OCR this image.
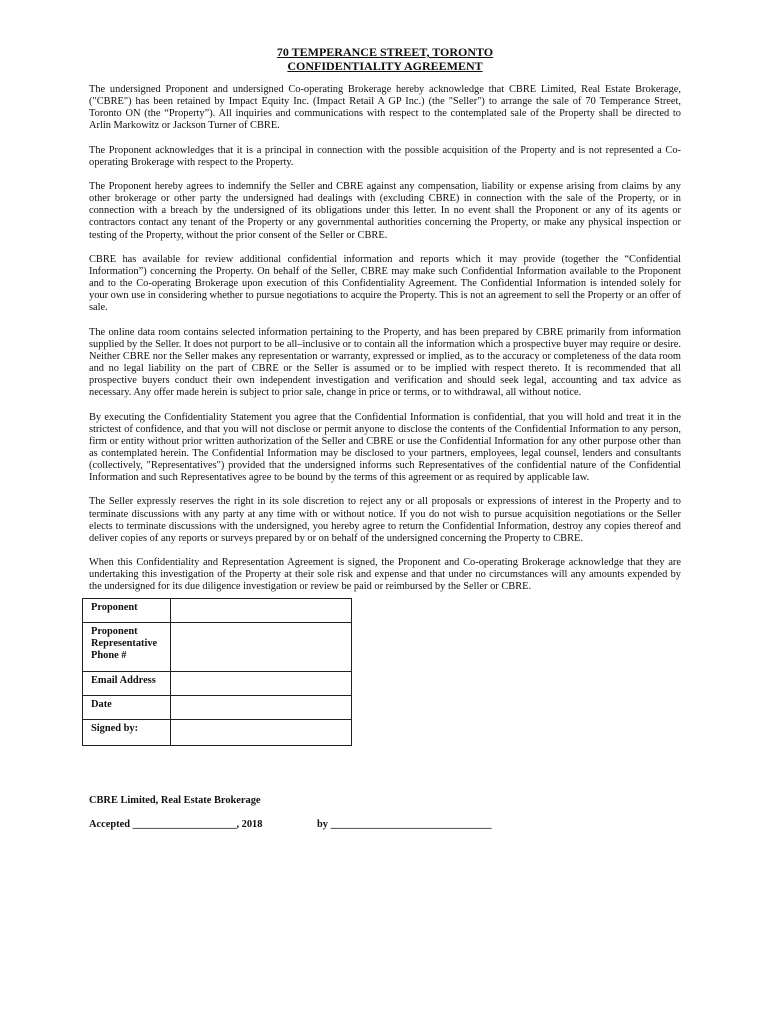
70 TEMPERANCE STREET, TORONTO
CONFIDENTIALITY AGREEMENT

The undersigned Proponent and undersigned Co-operating Brokerage hereby acknowledge that CBRE Limited, Real Estate Brokerage, ("CBRE") has been retained by Impact Equity Inc. (Impact Retail A GP Inc.) (the "Seller") to arrange the sale of 70 Temperance Street, Toronto ON (the “Property”). All inquiries and communications with respect to the contemplated sale of the Property shall be directed to Arlin Markowitz or Jackson Turner of CBRE.

The Proponent acknowledges that it is a principal in connection with the possible acquisition of the Property and is not represented a Co-operating Brokerage with respect to the Property.

The Proponent hereby agrees to indemnify the Seller and CBRE against any compensation, liability or expense arising from claims by any other brokerage or other party the undersigned had dealings with (excluding CBRE) in connection with the sale of the Property, or in connection with a breach by the undersigned of its obligations under this letter. In no event shall the Proponent or any of its agents or contractors contact any tenant of the Property or any governmental authorities concerning the Property, or make any physical inspection or testing of the Property, without the prior consent of the Seller or CBRE.

CBRE has available for review additional confidential information and reports which it may provide (together the “Confidential Information”) concerning the Property. On behalf of the Seller, CBRE may make such Confidential Information available to the Proponent and to the Co-operating Brokerage upon execution of this Confidentiality Agreement. The Confidential Information is intended solely for your own use in considering whether to pursue negotiations to acquire the Property. This is not an agreement to sell the Property or an offer of sale.

The online data room contains selected information pertaining to the Property, and has been prepared by CBRE primarily from information supplied by the Seller. It does not purport to be all–inclusive or to contain all the information which a prospective buyer may require or desire. Neither CBRE nor the Seller makes any representation or warranty, expressed or implied, as to the accuracy or completeness of the data room and no legal liability on the part of CBRE or the Seller is assumed or to be implied with respect thereto. It is recommended that all prospective buyers conduct their own independent investigation and verification and should seek legal, accounting and tax advice as necessary. Any offer made herein is subject to prior sale, change in price or terms, or to withdrawal, all without notice.

By executing the Confidentiality Statement you agree that the Confidential Information is confidential, that you will hold and treat it in the strictest of confidence, and that you will not disclose or permit anyone to disclose the contents of the Confidential Information to any person, firm or entity without prior written authorization of the Seller and CBRE or use the Confidential Information for any other purpose other than as contemplated herein. The Confidential Information may be disclosed to your partners, employees, legal counsel, lenders and consultants (collectively, "Representatives") provided that the undersigned informs such Representatives of the confidential nature of the Confidential Information and such Representatives agree to be bound by the terms of this agreement or as required by applicable law.

The Seller expressly reserves the right in its sole discretion to reject any or all proposals or expressions of interest in the Property and to terminate discussions with any party at any time with or without notice. If you do not wish to pursue acquisition negotiations or the Seller elects to terminate discussions with the undersigned, you hereby agree to return the Confidential Information, destroy any copies thereof and deliver copies of any reports or surveys prepared by or on behalf of the undersigned concerning the Property to CBRE.

When this Confidentiality and Representation Agreement is signed, the Proponent and Co-operating Brokerage acknowledge that they are undertaking this investigation of the Property at their sole risk and expense and that under no circumstances will any amounts expended by the undersigned for its due diligence investigation or review be paid or reimbursed by the Seller or CBRE.

Proponent	
Proponent Representative Phone #	
Email Address	
Date	
Signed by:	
CBRE Limited, Real Estate Brokerage
Accepted ____________________, 2018	by _______________________________
